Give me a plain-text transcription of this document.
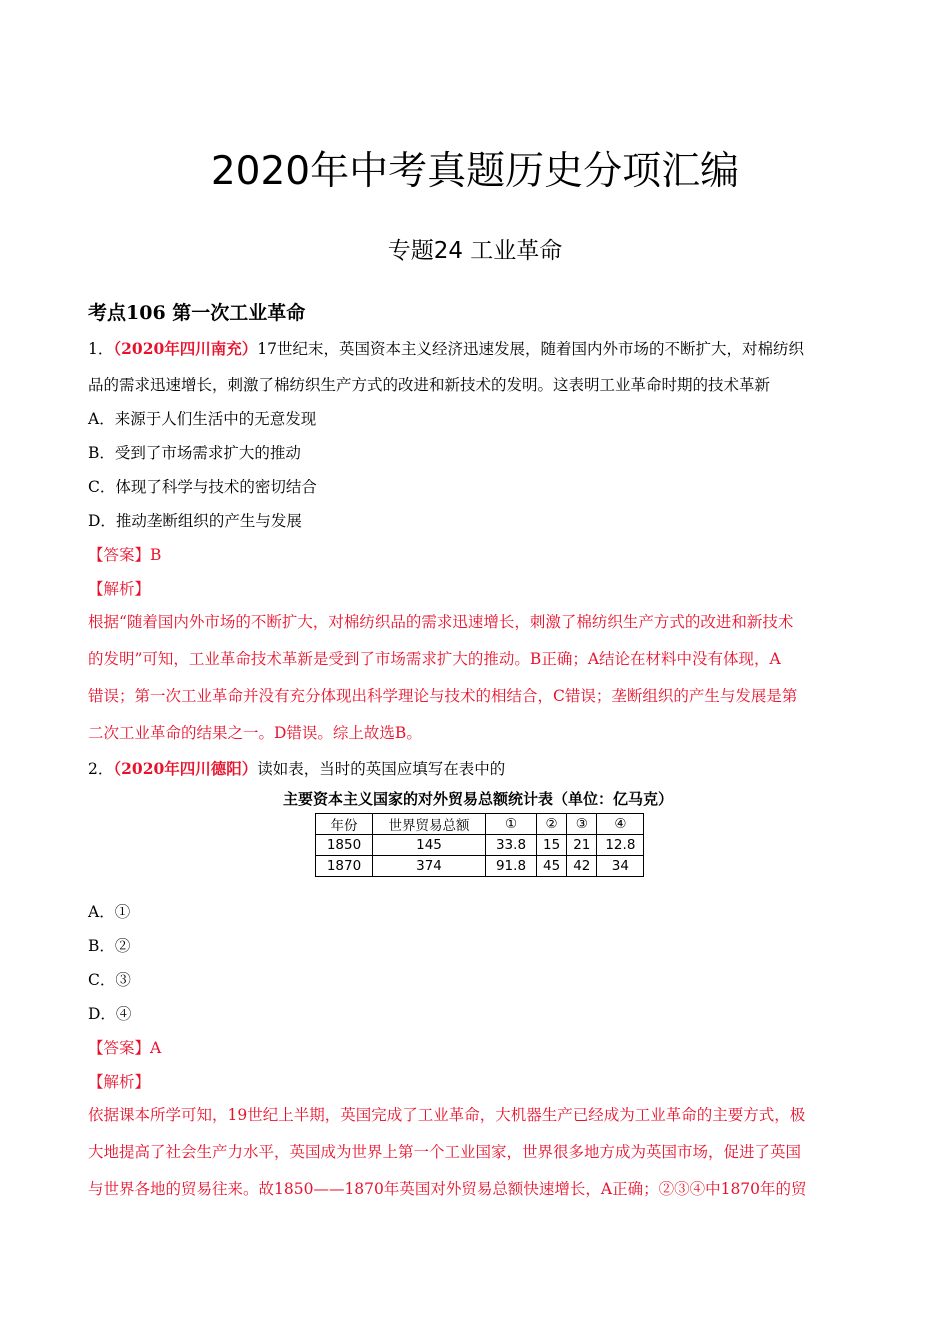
2020年中考真题历史分项汇编
专题24 工业革命
考点106 第一次工业革命
1．（2020年四川南充）17世纪末，英国资本主义经济迅速发展，随着国内外市场的不断扩大，对棉纺织
品的需求迅速增长，刺激了棉纺织生产方式的改进和新技术的发明。这表明工业革命时期的技术革新
A．来源于人们生活中的无意发现
B．受到了市场需求扩大的推动
C．体现了科学与技术的密切结合
D．推动垄断组织的产生与发展
【答案】B
【解析】
根据“随着国内外市场的不断扩大，对棉纺织品的需求迅速增长，刺激了棉纺织生产方式的改进和新技术
的发明”可知，工业革命技术革新是受到了市场需求扩大的推动。B正确；A结论在材料中没有体现，A
错误；第一次工业革命并没有充分体现出科学理论与技术的相结合，C错误；垄断组织的产生与发展是第
二次工业革命的结果之一。D错误。综上故选B。
2．（2020年四川德阳）读如表，当时的英国应填写在表中的
主要资本主义国家的对外贸易总额统计表（单位：亿马克）
年份	世界贸易总额	①	②	③	④
1850	145	33.8	15	21	12.8
1870	374	91.8	45	42	34
A．①
B．②
C．③
D．④
【答案】A
【解析】
依据课本所学可知，19世纪上半期，英国完成了工业革命，大机器生产已经成为工业革命的主要方式，极
大地提高了社会生产力水平，英国成为世界上第一个工业国家，世界很多地方成为英国市场，促进了英国
与世界各地的贸易往来。故1850——1870年英国对外贸易总额快速增长，A正确；②③④中1870年的贸
